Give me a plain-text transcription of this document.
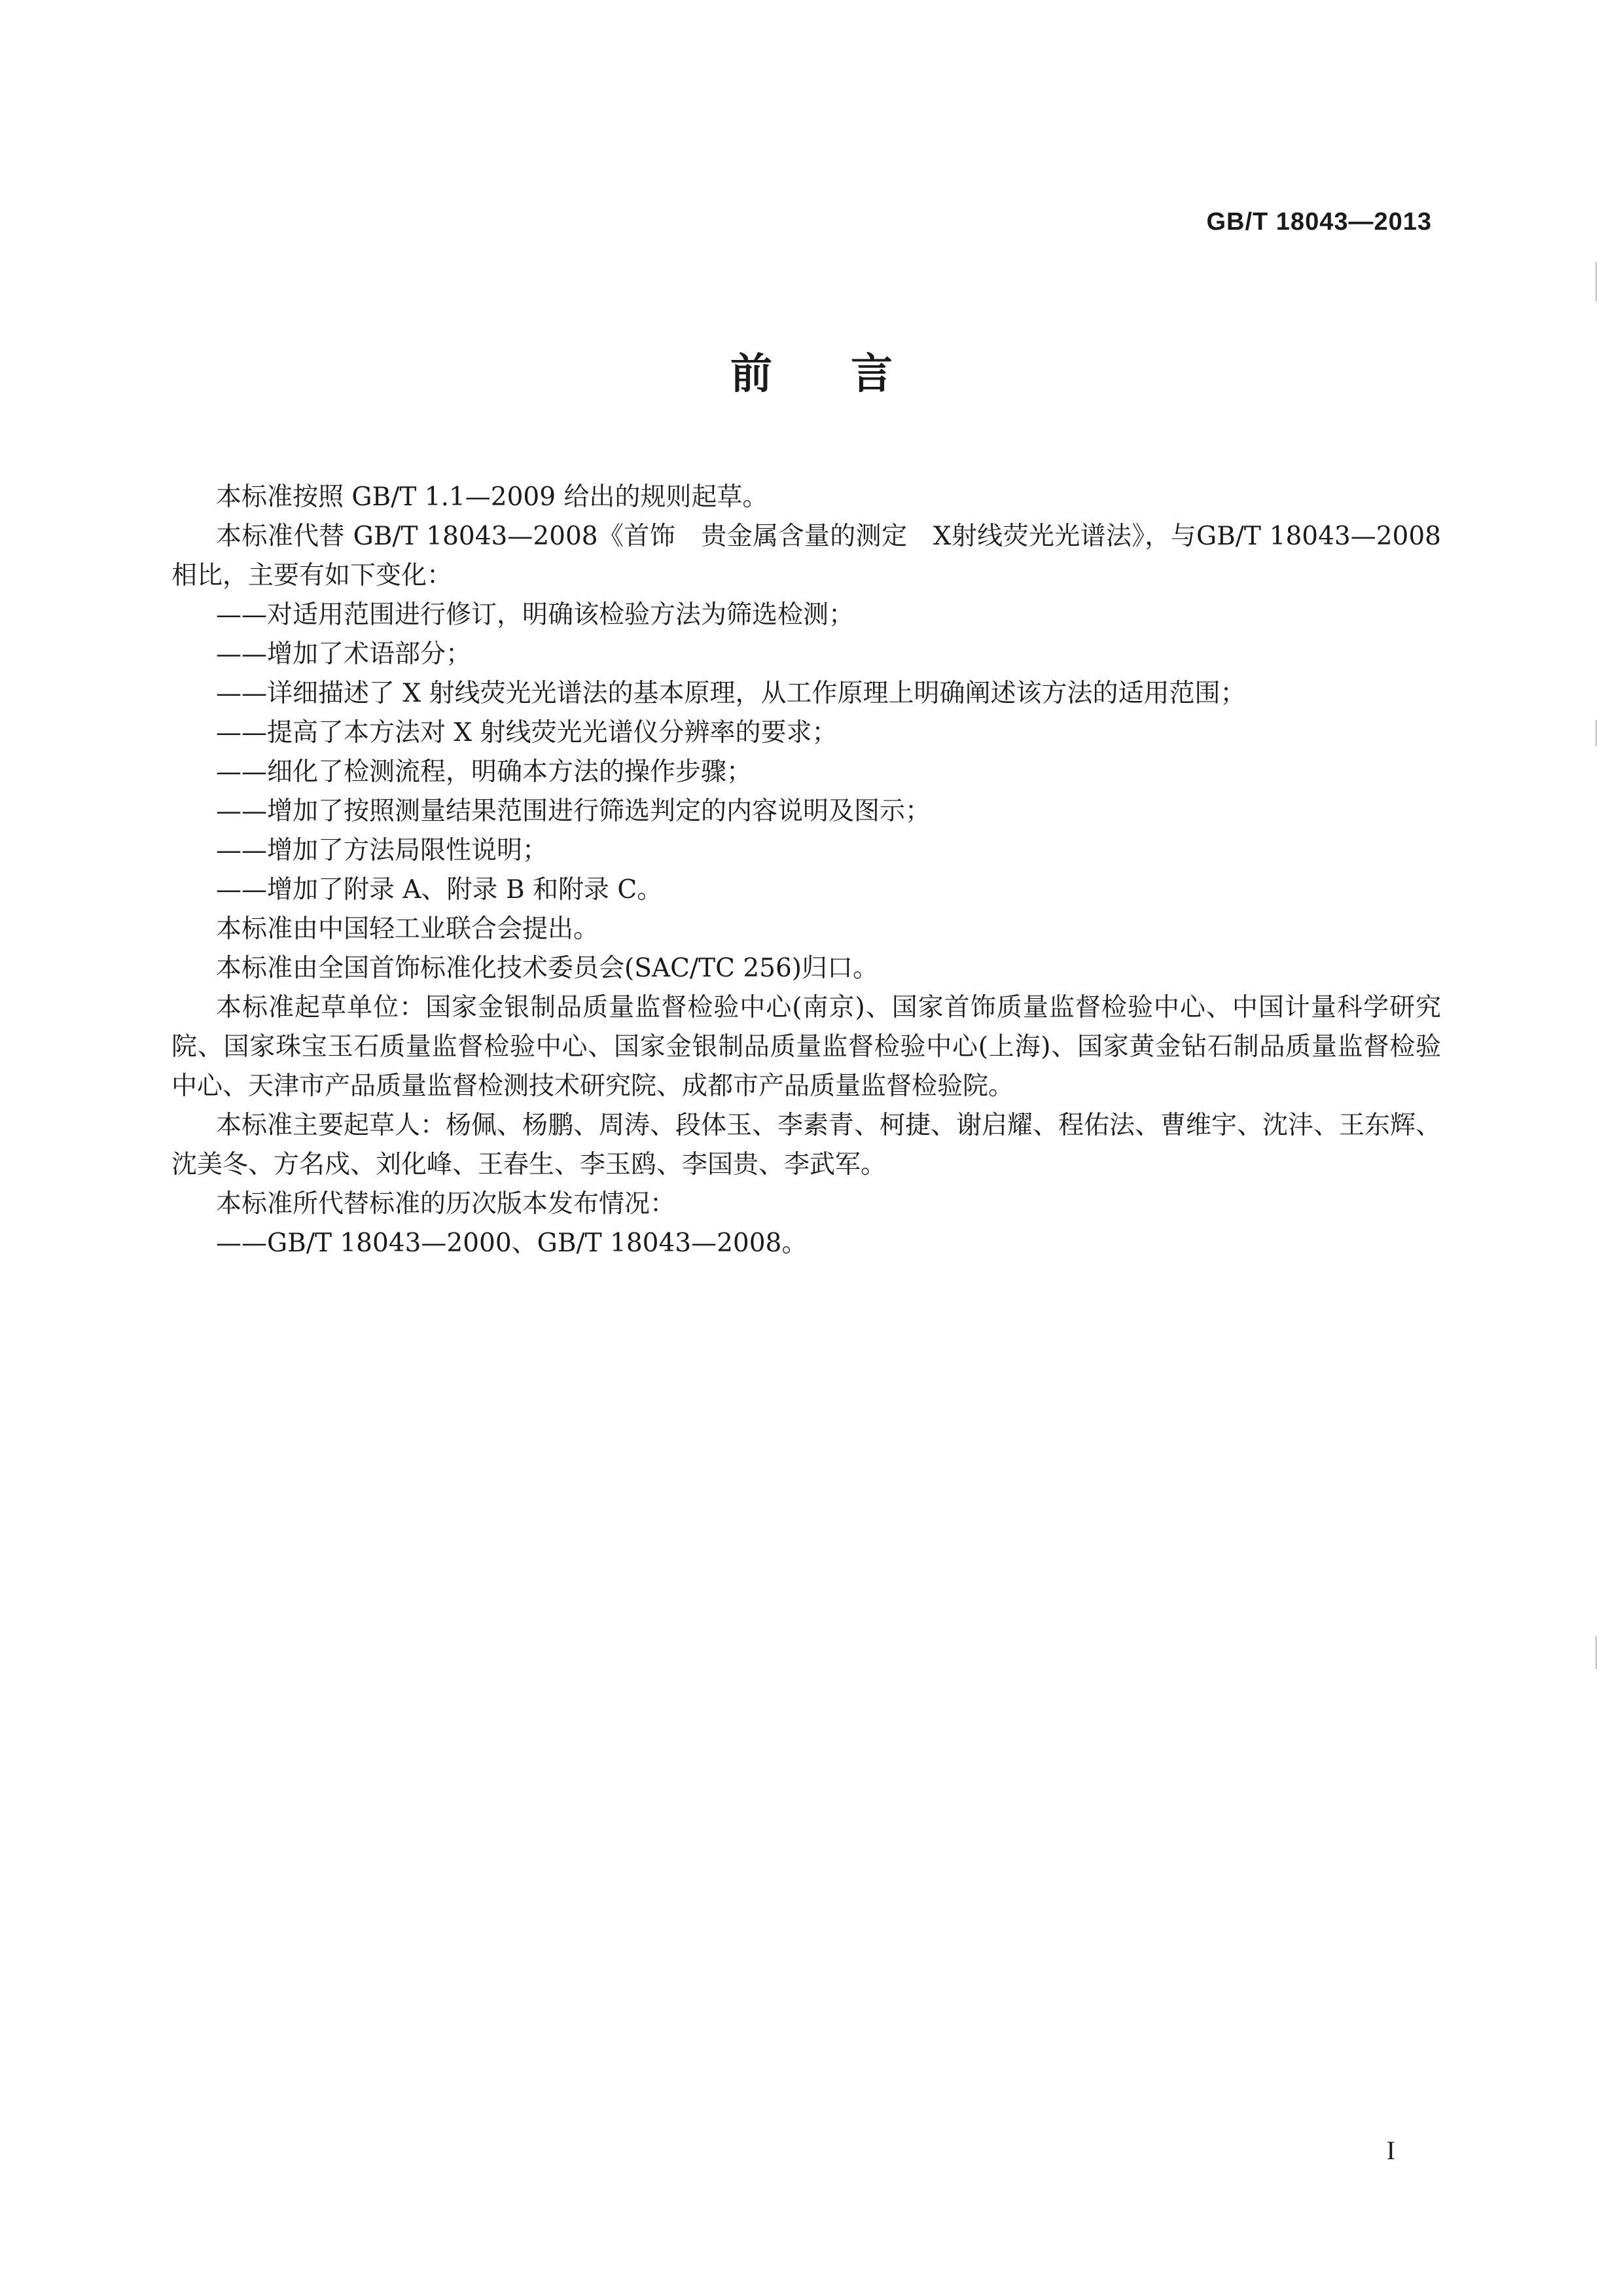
GB/T 18043—2013
前言

本标准按照 GB/T 1.1—2009 给出的规则起草。

本标准代替 GB/T 18043—2008《首饰　贵金属含量的测定　X射线荧光光谱法》，与GB/T 18043—2008 相比，主要有如下变化：

——对适用范围进行修订，明确该检验方法为筛选检测；

——增加了术语部分；

——详细描述了 X 射线荧光光谱法的基本原理，从工作原理上明确阐述该方法的适用范围；

——提高了本方法对 X 射线荧光光谱仪分辨率的要求；

——细化了检测流程，明确本方法的操作步骤；

——增加了按照测量结果范围进行筛选判定的内容说明及图示；

——增加了方法局限性说明；

——增加了附录 A、附录 B 和附录 C。

本标准由中国轻工业联合会提出。

本标准由全国首饰标准化技术委员会(SAC/TC 256)归口。

本标准起草单位：国家金银制品质量监督检验中心(南京)、国家首饰质量监督检验中心、中国计量科学研究院、国家珠宝玉石质量监督检验中心、国家金银制品质量监督检验中心(上海)、国家黄金钻石制品质量监督检验中心、天津市产品质量监督检测技术研究院、成都市产品质量监督检验院。

本标准主要起草人：杨佩、杨鹏、周涛、段体玉、李素青、柯捷、谢启耀、程佑法、曹维宇、沈沣、王东辉、沈美冬、方名戍、刘化峰、王春生、李玉鸥、李国贵、李武军。

本标准所代替标准的历次版本发布情况：

——GB/T 18043—2000、GB/T 18043—2008。

I
